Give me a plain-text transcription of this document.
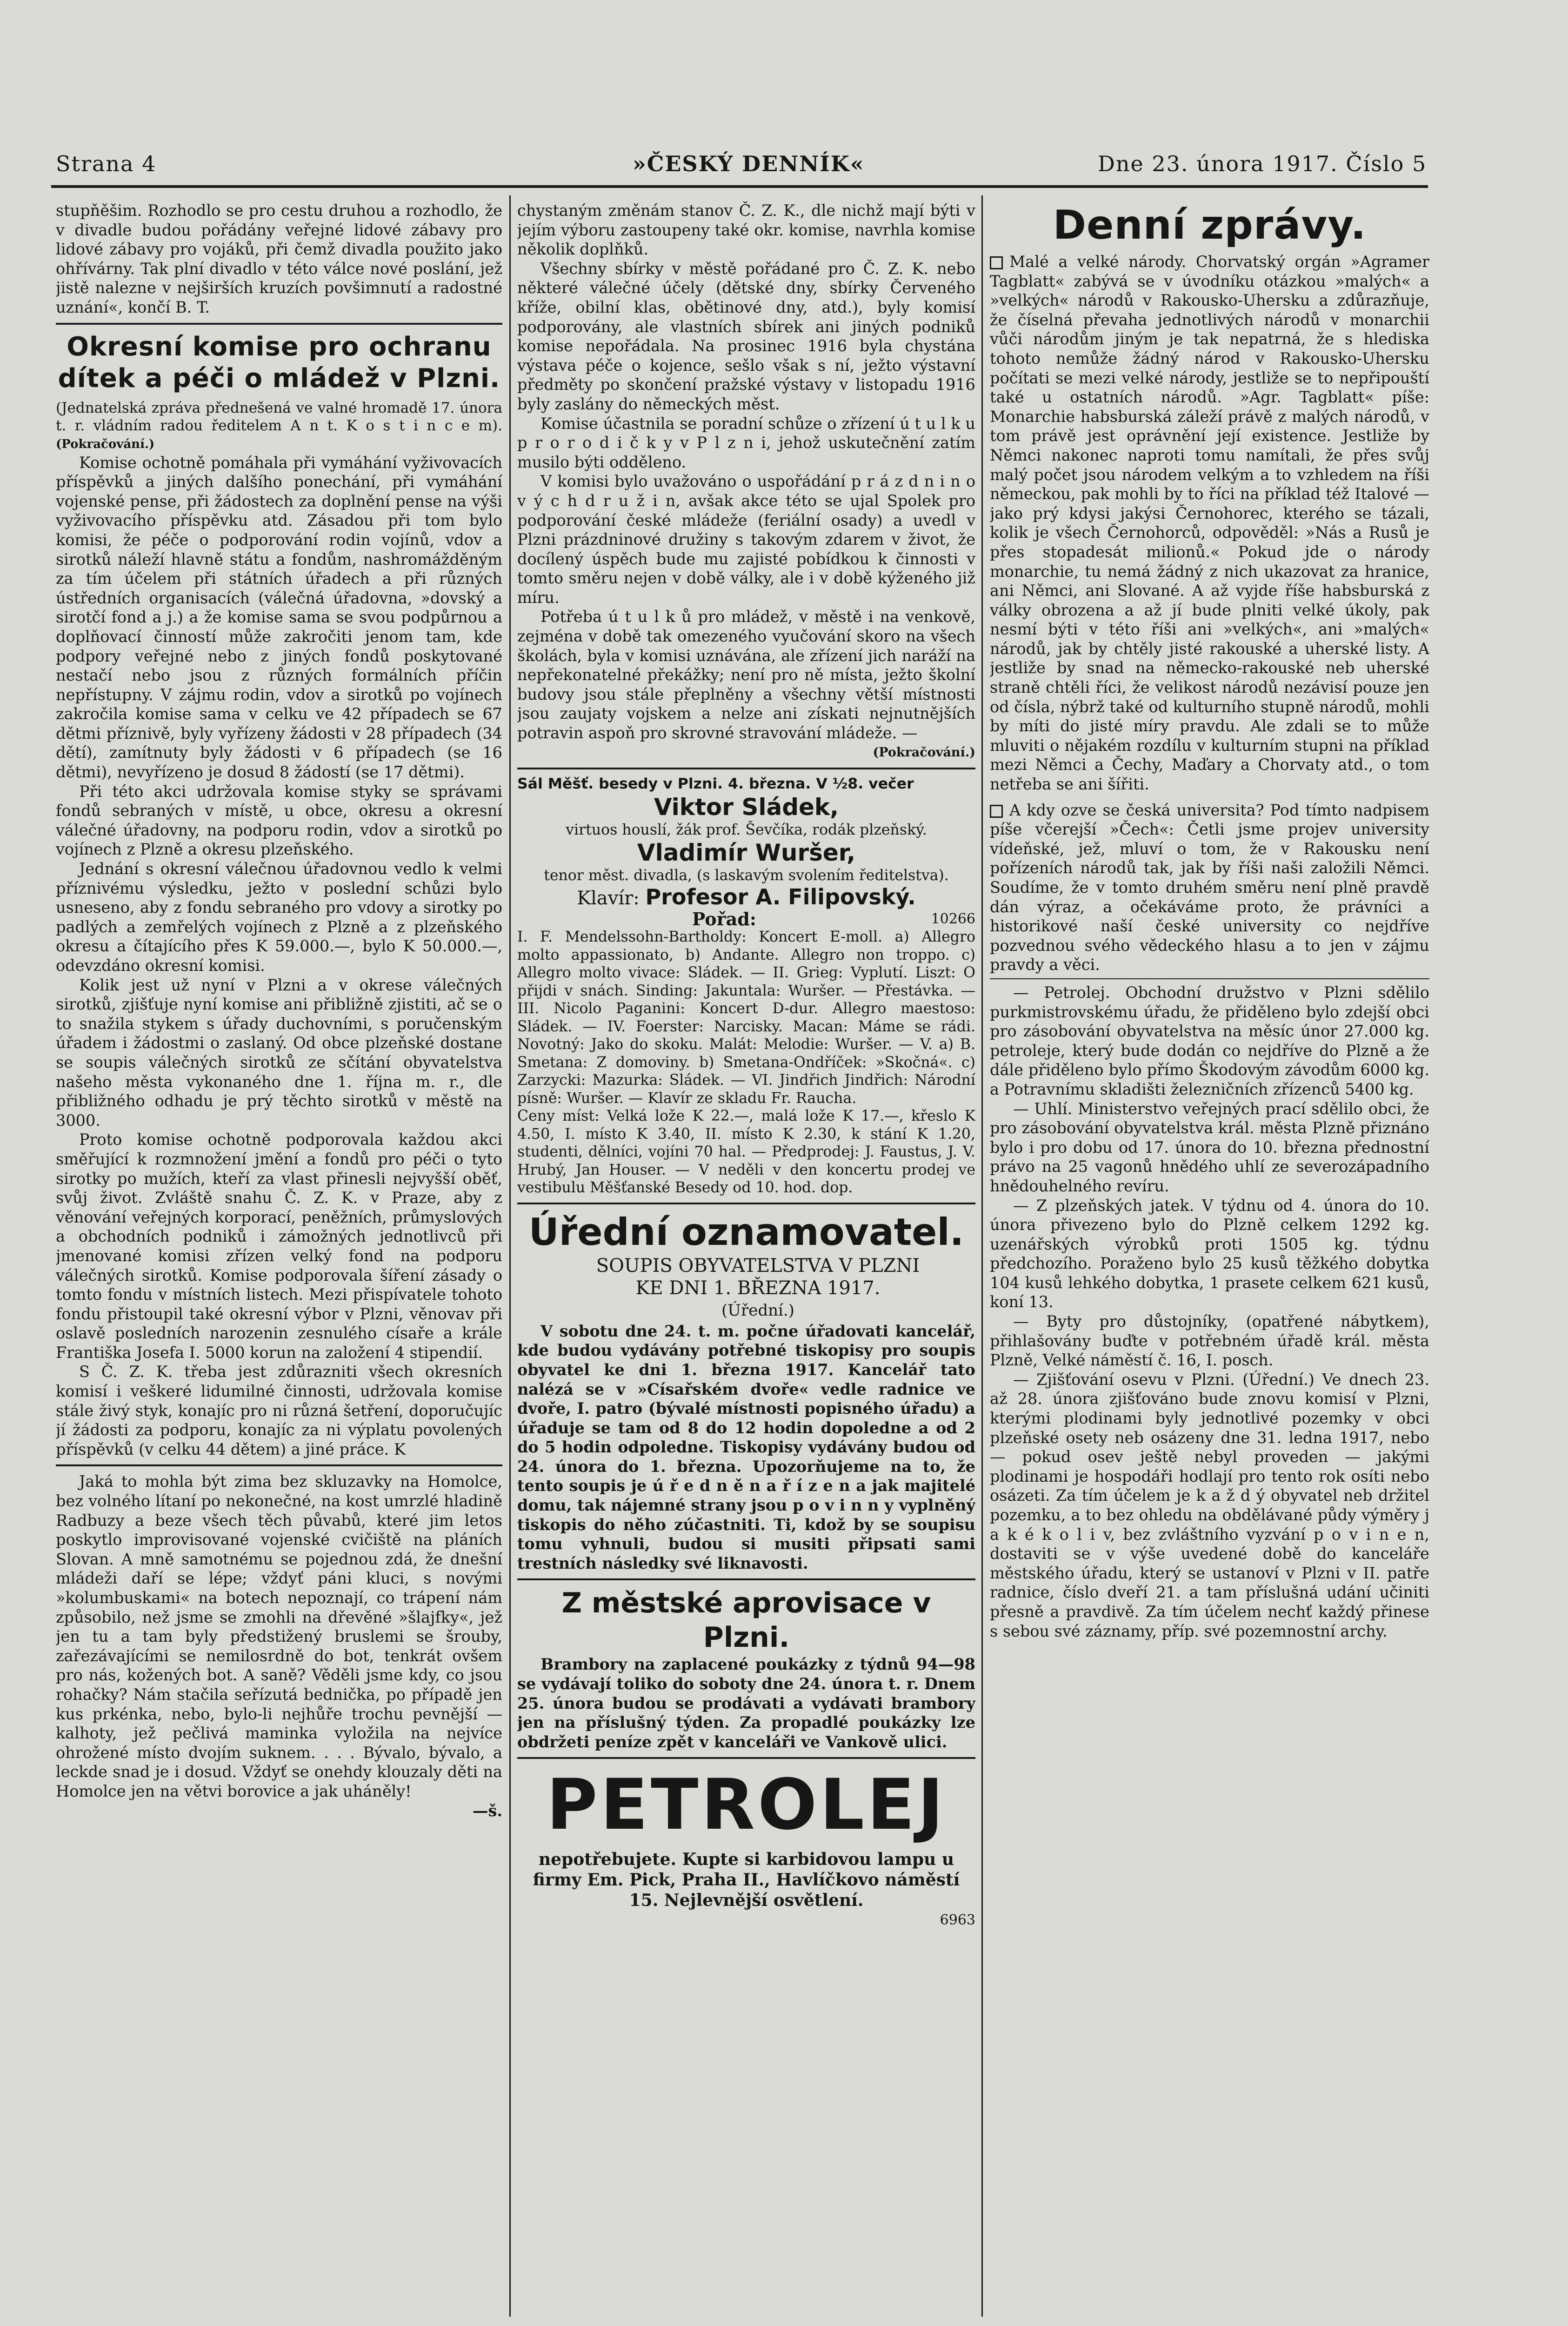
Strana 4	»ČESKÝ DENNÍK«	Dne 23. února 1917. Číslo 5

stupňěšim. Rozhodlo se pro cestu druhou a rozhodlo, že v divadle budou pořádány veřejné lidové zábavy pro lidové zábavy pro vojáků, při čemž divadla použito jako ohřívárny. Tak plní divadlo v této válce nové poslání, jež jistě nalezne v nejširších kruzích povšimnutí a radostné uznání«, končí B. T.

Okresní komise pro ochranu dítek a péči o mládež v Plzni.

(Jednatelská zpráva přednešená ve valné hromadě 17. února t. r. vládním radou ředitelem A n t. K o s t i n c e m). (Pokračování.)

Komise ochotně pomáhala při vymáhání vyživovacích příspěvků a jiných dalšího ponechání, při vymáhání vojenské pense, při žádostech za doplnění pense na výši vyživovacího příspěvku atd. Zásadou při tom bylo komisi, že péče o podporování rodin vojínů, vdov a sirotků náleží hlavně státu a fondům, nashromážděným za tím účelem při státních úřadech a při různých ústředních organisacích (válečná úřadovna, »dovský a sirotčí fond a j.) a že komise sama se svou podpůrnou a doplňovací činností může zakročiti jenom tam, kde podpory veřejné nebo z jiných fondů poskytované nestačí nebo jsou z různých formálních příčin nepřístupny. V zájmu rodin, vdov a sirotků po vojínech zakročila komise sama v celku ve 42 případech se 67 dětmi příznivě, byly vyřízeny žádosti v 28 případech (34 dětí), zamítnuty byly žádosti v 6 případech (se 16 dětmi), nevyřízeno je dosud 8 žádostí (se 17 dětmi).

Při této akci udržovala komise styky se správami fondů sebraných v místě, u obce, okresu a okresní válečné úřadovny, na podporu rodin, vdov a sirotků po vojínech z Plzně a okresu plzeňského.

Jednání s okresní válečnou úřadovnou vedlo k velmi příznivému výsledku, ježto v poslední schůzi bylo usneseno, aby z fondu sebraného pro vdovy a sirotky po padlých a zemřelých vojínech z Plzně a z plzeňského okresu a čítajícího přes K 59.000.—, bylo K 50.000.—, odevzdáno okresní komisi.

Kolik jest už nyní v Plzni a v okrese válečných sirotků, zjišťuje nyní komise ani přibližně zjistiti, ač se o to snažila stykem s úřady duchovními, s poručenským úřadem i žádostmi o zaslaný. Od obce plzeňské dostane se soupis válečných sirotků ze sčítání obyvatelstva našeho města vykonaného dne 1. října m. r., dle přibližného odhadu je prý těchto sirotků v městě na 3000.

Proto komise ochotně podporovala každou akci směřující k rozmnožení jmění a fondů pro péči o tyto sirotky po mužích, kteří za vlast přinesli nejvyšší oběť, svůj život. Zvláště snahu Č. Z. K. v Praze, aby z věnování veřejných korporací, peněžních, průmyslových a obchodních podniků i zámožných jednotlivců při jmenované komisi zřízen velký fond na podporu válečných sirotků. Komise podporovala šíření zásady o tomto fondu v místních listech. Mezi přispívatele tohoto fondu přistoupil také okresní výbor v Plzni, věnovav při oslavě posledních narozenin zesnulého císaře a krále Františka Josefa I. 5000 korun na založení 4 stipendií.

S Č. Z. K. třeba jest zdůrazniti všech okresních komisí i veškeré lidumilné činnosti, udržovala komise stále živý styk, konajíc pro ni různá šetření, doporučujíc jí žádosti za podporu, konajíc za ni výplatu povolených příspěvků (v celku 44 dětem) a jiné práce. K

Jaká to mohla být zima bez skluzavky na Homolce, bez volného lítaní po nekonečné, na kost umrzlé hladině Radbuzy a beze všech těch půvabů, které jim letos poskytlo improvisované vojenské cvičiště na pláních Slovan. A mně samotnému se pojednou zdá, že dnešní mládeži daří se lépe; vždyť páni kluci, s novými »kolumbuskami« na botech nepoznají, co trápení nám způsobilo, než jsme se zmohli na dřevěné »šlajfky«, jež jen tu a tam byly předstižený bruslemi se šrouby, zařezávajícími se nemilosrdně do bot, tenkrát ovšem pro nás, kožených bot. A saně? Věděli jsme kdy, co jsou rohačky? Nám stačila seřízutá bednička, po případě jen kus prkénka, nebo, bylo-li nejhůře trochu pevnější — kalhoty, jež pečlivá maminka vyložila na nejvíce ohrožené místo dvojím suknem. . . . Bývalo, bývalo, a leckde snad je i dosud. Vždyť se onehdy klouzaly děti na Homolce jen na větvi borovice a jak uháněly!

—š.

chystaným změnám stanov Č. Z. K., dle nichž mají býti v jejím výboru zastoupeny také okr. komise, navrhla komise několik doplňků.

Všechny sbírky v městě pořádané pro Č. Z. K. nebo některé válečné účely (dětské dny, sbírky Červeného kříže, obilní klas, obětinové dny, atd.), byly komisí podporovány, ale vlastních sbírek ani jiných podniků komise nepořádala. Na prosinec 1916 byla chystána výstava péče o kojence, sešlo však s ní, ježto výstavní předměty po skončení pražské výstavy v listopadu 1916 byly zaslány do německých měst.

Komise účastnila se poradní schůze o zřízení ú t u l k u p r o r o d i č k y v P l z n i, jehož uskutečnění zatím musilo býti odděleno.

V komisi bylo uvažováno o uspořádání p r á z d n i n o v ý c h d r u ž i n, avšak akce této se ujal Spolek pro podporování české mládeže (feriální osady) a uvedl v Plzni prázdninové družiny s takovým zdarem v život, že docílený úspěch bude mu zajisté pobídkou k činnosti v tomto směru nejen v době války, ale i v době kýženého již míru.

Potřeba ú t u l k ů pro mládež, v městě i na venkově, zejména v době tak omezeného vyučování skoro na všech školách, byla v komisi uznávána, ale zřízení jich naráží na nepřekonatelné překážky; není pro ně místa, ježto školní budovy jsou stále přeplněny a všechny větší místnosti jsou zaujaty vojskem a nelze ani získati nejnutnějších potravin aspoň pro skrovné stravování mládeže. —

(Pokračování.)

Sál Měšť. besedy v Plzni. 4. března. V ½8. večer

Viktor Sládek,

virtuos houslí, žák prof. Ševčíka, rodák plzeňský.

Vladimír Wuršer,

tenor měst. divadla, (s laskavým svolením ředitelstva).

Klavír: Profesor A. Filipovský.

Pořad:	10266

I. F. Mendelssohn-Bartholdy: Koncert E-moll. a) Allegro molto appassionato, b) Andante. Allegro non troppo. c) Allegro molto vivace: Sládek. — II. Grieg: Vyplutí. Liszt: O přijdi v snách. Sinding: Jakuntala: Wuršer. — Přestávka. — III. Nicolo Paganini: Koncert D-dur. Allegro maestoso: Sládek. — IV. Foerster: Narcisky. Macan: Máme se rádi. Novotný: Jako do skoku. Malát: Melodie: Wuršer. — V. a) B. Smetana: Z domoviny. b) Smetana-Ondříček: »Skočná«. c) Zarzycki: Mazurka: Sládek. — VI. Jindřich Jindřich: Národní písně: Wuršer. — Klavír ze skladu Fr. Raucha.

Ceny míst: Velká lože K 22.—, malá lože K 17.—, křeslo K 4.50, I. místo K 3.40, II. místo K 2.30, k stání K 1.20, studenti, dělníci, vojíni 70 hal. — Předprodej: J. Faustus, J. V. Hrubý, Jan Houser. — V neděli v den koncertu prodej ve vestibulu Měšťanské Besedy od 10. hod. dop.

Úřední oznamovatel.

SOUPIS OBYVATELSTVA V PLZNI

KE DNI 1. BŘEZNA 1917.

(Úřední.)

V sobotu dne 24. t. m. počne úřadovati kancelář, kde budou vydávány potřebné tiskopisy pro soupis obyvatel ke dni 1. března 1917. Kancelář tato nalézá se v »Císařském dvoře« vedle radnice ve dvoře, I. patro (bývalé místnosti popisného úřadu) a úřaduje se tam od 8 do 12 hodin dopoledne a od 2 do 5 hodin odpoledne. Tiskopisy vydávány budou od 24. února do 1. března. Upozorňujeme na to, že tento soupis je ú ř e d n ě n a ř í z e n a jak majitelé domu, tak nájemné strany jsou p o v i n n y vyplněný tiskopis do něho zúčastniti. Ti, kdož by se soupisu tomu vyhnuli, budou si musiti připsati sami trestních následky své liknavosti.

Z městské aprovisace v Plzni.

Brambory na zaplacené poukázky z týdnů 94—98 se vydávají toliko do soboty dne 24. února t. r. Dnem 25. února budou se prodávati a vydávati brambory jen na příslušný týden. Za propadlé poukázky lze obdržeti peníze zpět v kanceláři ve Vankově ulici.

PETROLEJ

nepotřebujete. Kupte si karbidovou lampu u firmy Em. Pick, Praha II., Havlíčkovo náměstí 15. Nejlevnější osvětlení.

6963

Denní zprávy.

Malé a velké národy. Chorvatský orgán »Agramer Tagblatt« zabývá se v úvodníku otázkou »malých« a »velkých« národů v Rakousko-Uhersku a zdůrazňuje, že číselná převaha jednotlivých národů v monarchii vůči národům jiným je tak nepatrná, že s hlediska tohoto nemůže žádný národ v Rakousko-Uhersku počítati se mezi velké národy, jestliže se to nepřipouští také u ostatních národů. »Agr. Tagblatt« píše: Monarchie habsburská záleží právě z malých národů, v tom právě jest oprávnění její existence. Jestliže by Němci nakonec naproti tomu namítali, že přes svůj malý počet jsou národem velkým a to vzhledem na říši německou, pak mohli by to říci na příklad též Italové — jako prý kdysi jakýsi Černohorec, kterého se tázali, kolik je všech Černohorců, odpověděl: »Nás a Rusů je přes stopadesát milionů.« Pokud jde o národy monarchie, tu nemá žádný z nich ukazovat za hranice, ani Němci, ani Slované. A až vyjde říše habsburská z války obrozena a až jí bude plniti velké úkoly, pak nesmí býti v této říši ani »velkých«, ani »malých« národů, jak by chtěly jisté rakouské a uherské listy. A jestliže by snad na německo-rakouské neb uherské straně chtěli říci, že velikost národů nezávisí pouze jen od čísla, nýbrž také od kulturního stupně národů, mohli by míti do jisté míry pravdu. Ale zdali se to může mluviti o nějakém rozdílu v kulturním stupni na příklad mezi Němci a Čechy, Maďary a Chorvaty atd., o tom netřeba se ani šířiti.

A kdy ozve se česká universita? Pod tímto nadpisem píše včerejší »Čech«: Četli jsme projev university vídeňské, jež, mluví o tom, že v Rakousku není pořízeních národů tak, jak by říši naši založili Němci. Soudíme, že v tomto druhém směru není plně pravdě dán výraz, a očekáváme proto, že právníci a historikové naší české university co nejdříve pozvednou svého vědeckého hlasu a to jen v zájmu pravdy a věci.

— Petrolej. Obchodní družstvo v Plzni sdělilo purkmistrovskému úřadu, že přiděleno bylo zdejší obci pro zásobování obyvatelstva na měsíc únor 27.000 kg. petroleje, který bude dodán co nejdříve do Plzně a že dále přiděleno bylo přímo Škodovým závodům 6000 kg. a Potravnímu skladišti železničních zřízenců 5400 kg.

— Uhlí. Ministerstvo veřejných prací sdělilo obci, že pro zásobování obyvatelstva král. města Plzně přiznáno bylo i pro dobu od 17. února do 10. března přednostní právo na 25 vagonů hnědého uhlí ze severozápadního hnědouhelného revíru.

— Z plzeňských jatek. V týdnu od 4. února do 10. února přivezeno bylo do Plzně celkem 1292 kg. uzenářských výrobků proti 1505 kg. týdnu předchozího. Poraženo bylo 25 kusů těžkého dobytka 104 kusů lehkého dobytka, 1 prasete celkem 621 kusů, koní 13.

— Byty pro důstojníky, (opatřené nábytkem), přihlašovány buďte v potřebném úřadě král. města Plzně, Velké náměstí č. 16, I. posch.

— Zjišťování osevu v Plzni. (Úřední.) Ve dnech 23. až 28. února zjišťováno bude znovu komisí v Plzni, kterými plodinami byly jednotlivé pozemky v obci plzeňské osety neb osázeny dne 31. ledna 1917, nebo — pokud osev ještě nebyl proveden — jakými plodinami je hospodáři hodlají pro tento rok osíti nebo osázeti. Za tím účelem je k a ž d ý obyvatel neb držitel pozemku, a to bez ohledu na obdělávané půdy výměry j a k é k o l i v, bez zvláštního vyzvání p o v i n e n, dostaviti se v výše uvedené době do kanceláře městského úřadu, který se ustanoví v Plzni v II. patře radnice, číslo dveří 21. a tam příslušná udání učiniti přesně a pravdivě. Za tím účelem nechť každý přinese s sebou své záznamy, příp. své pozemnostní archy.
